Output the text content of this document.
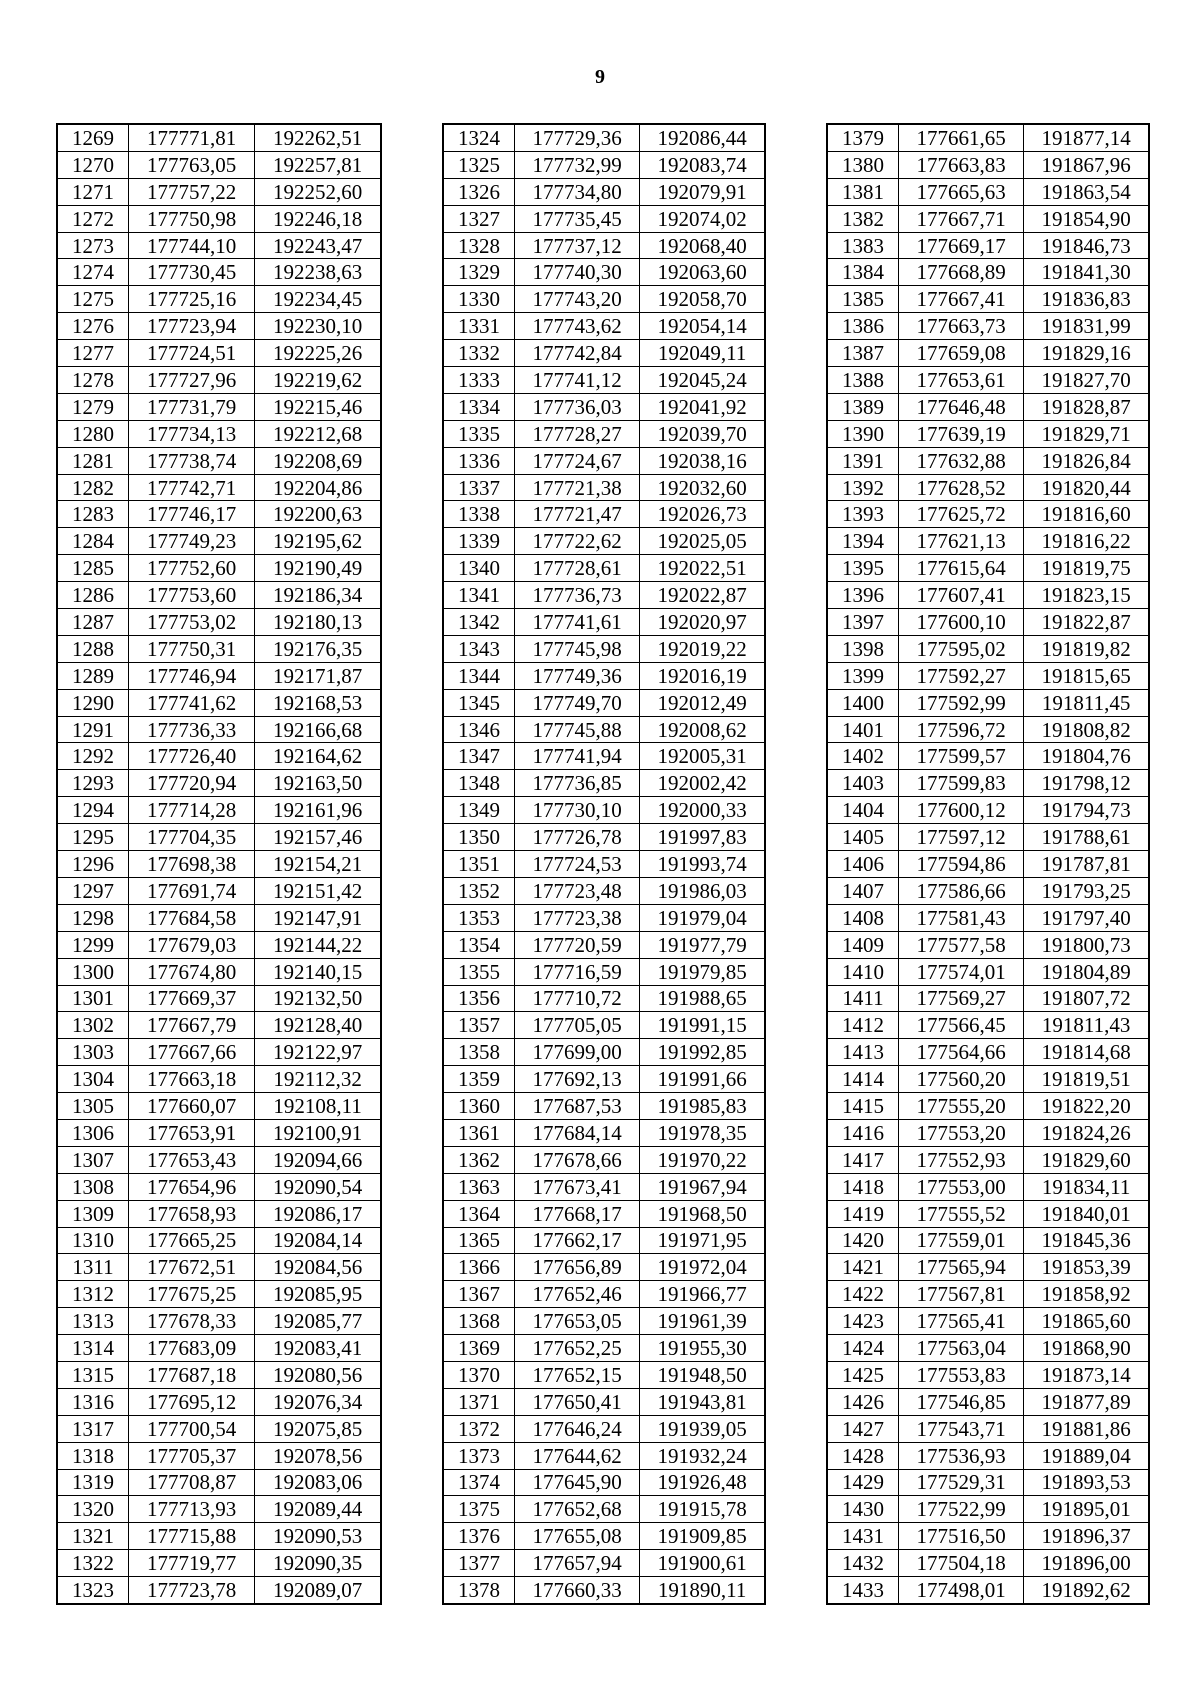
9
1269	177771,81	192262,51
1270	177763,05	192257,81
1271	177757,22	192252,60
1272	177750,98	192246,18
1273	177744,10	192243,47
1274	177730,45	192238,63
1275	177725,16	192234,45
1276	177723,94	192230,10
1277	177724,51	192225,26
1278	177727,96	192219,62
1279	177731,79	192215,46
1280	177734,13	192212,68
1281	177738,74	192208,69
1282	177742,71	192204,86
1283	177746,17	192200,63
1284	177749,23	192195,62
1285	177752,60	192190,49
1286	177753,60	192186,34
1287	177753,02	192180,13
1288	177750,31	192176,35
1289	177746,94	192171,87
1290	177741,62	192168,53
1291	177736,33	192166,68
1292	177726,40	192164,62
1293	177720,94	192163,50
1294	177714,28	192161,96
1295	177704,35	192157,46
1296	177698,38	192154,21
1297	177691,74	192151,42
1298	177684,58	192147,91
1299	177679,03	192144,22
1300	177674,80	192140,15
1301	177669,37	192132,50
1302	177667,79	192128,40
1303	177667,66	192122,97
1304	177663,18	192112,32
1305	177660,07	192108,11
1306	177653,91	192100,91
1307	177653,43	192094,66
1308	177654,96	192090,54
1309	177658,93	192086,17
1310	177665,25	192084,14
1311	177672,51	192084,56
1312	177675,25	192085,95
1313	177678,33	192085,77
1314	177683,09	192083,41
1315	177687,18	192080,56
1316	177695,12	192076,34
1317	177700,54	192075,85
1318	177705,37	192078,56
1319	177708,87	192083,06
1320	177713,93	192089,44
1321	177715,88	192090,53
1322	177719,77	192090,35
1323	177723,78	192089,07
1324	177729,36	192086,44
1325	177732,99	192083,74
1326	177734,80	192079,91
1327	177735,45	192074,02
1328	177737,12	192068,40
1329	177740,30	192063,60
1330	177743,20	192058,70
1331	177743,62	192054,14
1332	177742,84	192049,11
1333	177741,12	192045,24
1334	177736,03	192041,92
1335	177728,27	192039,70
1336	177724,67	192038,16
1337	177721,38	192032,60
1338	177721,47	192026,73
1339	177722,62	192025,05
1340	177728,61	192022,51
1341	177736,73	192022,87
1342	177741,61	192020,97
1343	177745,98	192019,22
1344	177749,36	192016,19
1345	177749,70	192012,49
1346	177745,88	192008,62
1347	177741,94	192005,31
1348	177736,85	192002,42
1349	177730,10	192000,33
1350	177726,78	191997,83
1351	177724,53	191993,74
1352	177723,48	191986,03
1353	177723,38	191979,04
1354	177720,59	191977,79
1355	177716,59	191979,85
1356	177710,72	191988,65
1357	177705,05	191991,15
1358	177699,00	191992,85
1359	177692,13	191991,66
1360	177687,53	191985,83
1361	177684,14	191978,35
1362	177678,66	191970,22
1363	177673,41	191967,94
1364	177668,17	191968,50
1365	177662,17	191971,95
1366	177656,89	191972,04
1367	177652,46	191966,77
1368	177653,05	191961,39
1369	177652,25	191955,30
1370	177652,15	191948,50
1371	177650,41	191943,81
1372	177646,24	191939,05
1373	177644,62	191932,24
1374	177645,90	191926,48
1375	177652,68	191915,78
1376	177655,08	191909,85
1377	177657,94	191900,61
1378	177660,33	191890,11
1379	177661,65	191877,14
1380	177663,83	191867,96
1381	177665,63	191863,54
1382	177667,71	191854,90
1383	177669,17	191846,73
1384	177668,89	191841,30
1385	177667,41	191836,83
1386	177663,73	191831,99
1387	177659,08	191829,16
1388	177653,61	191827,70
1389	177646,48	191828,87
1390	177639,19	191829,71
1391	177632,88	191826,84
1392	177628,52	191820,44
1393	177625,72	191816,60
1394	177621,13	191816,22
1395	177615,64	191819,75
1396	177607,41	191823,15
1397	177600,10	191822,87
1398	177595,02	191819,82
1399	177592,27	191815,65
1400	177592,99	191811,45
1401	177596,72	191808,82
1402	177599,57	191804,76
1403	177599,83	191798,12
1404	177600,12	191794,73
1405	177597,12	191788,61
1406	177594,86	191787,81
1407	177586,66	191793,25
1408	177581,43	191797,40
1409	177577,58	191800,73
1410	177574,01	191804,89
1411	177569,27	191807,72
1412	177566,45	191811,43
1413	177564,66	191814,68
1414	177560,20	191819,51
1415	177555,20	191822,20
1416	177553,20	191824,26
1417	177552,93	191829,60
1418	177553,00	191834,11
1419	177555,52	191840,01
1420	177559,01	191845,36
1421	177565,94	191853,39
1422	177567,81	191858,92
1423	177565,41	191865,60
1424	177563,04	191868,90
1425	177553,83	191873,14
1426	177546,85	191877,89
1427	177543,71	191881,86
1428	177536,93	191889,04
1429	177529,31	191893,53
1430	177522,99	191895,01
1431	177516,50	191896,37
1432	177504,18	191896,00
1433	177498,01	191892,62
